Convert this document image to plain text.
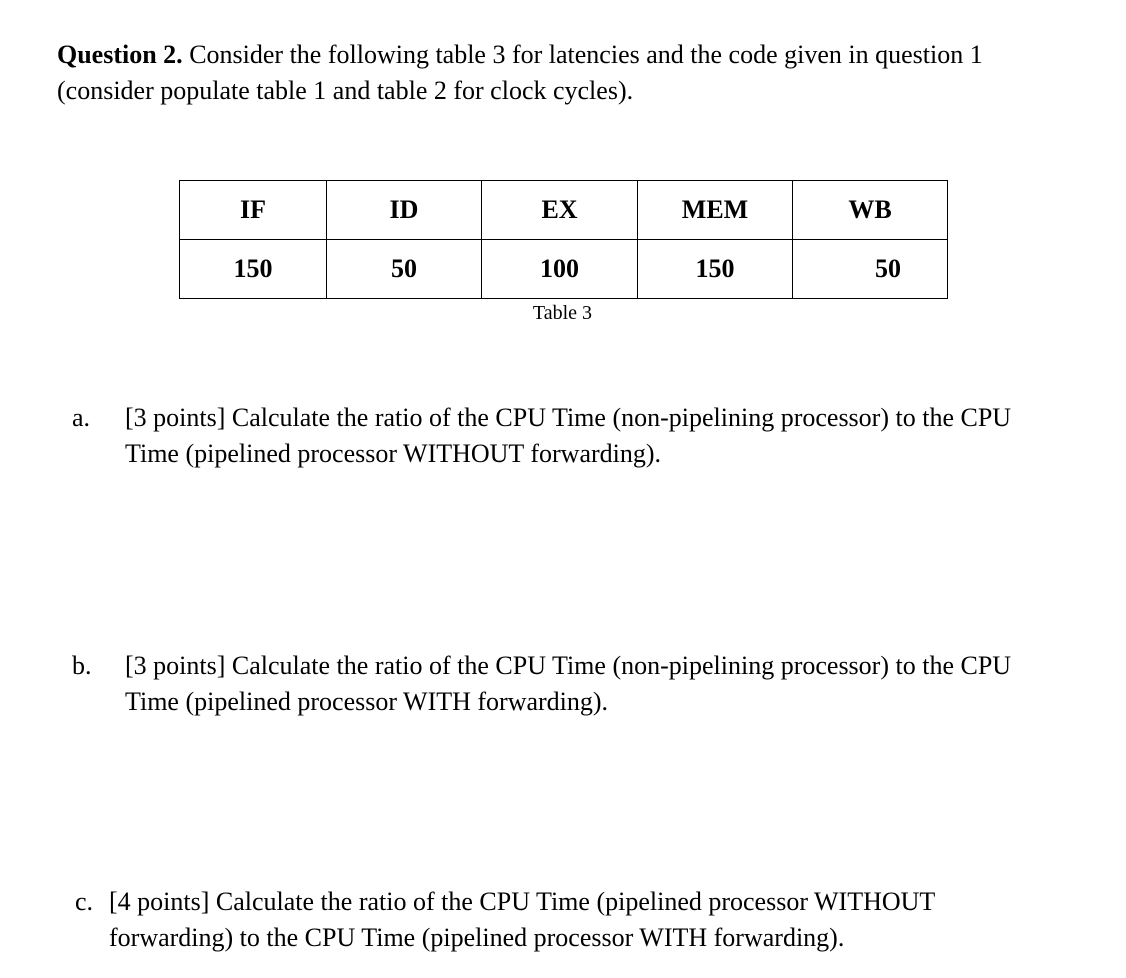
Question 2. Consider the following table 3 for latencies and the code given in question 1
(consider populate table 1 and table 2 for clock cycles).

IF	ID	EX	MEM	WB
150	50	100	150	50
Table 3
a. [3 points] Calculate the ratio of the CPU Time (non-pipelining processor) to the CPU
Time (pipelined processor WITHOUT forwarding).
b. [3 points] Calculate the ratio of the CPU Time (non-pipelining processor) to the CPU
Time (pipelined processor WITH forwarding).
c. [4 points] Calculate the ratio of the CPU Time (pipelined processor WITHOUT
forwarding) to the CPU Time (pipelined processor WITH forwarding).
